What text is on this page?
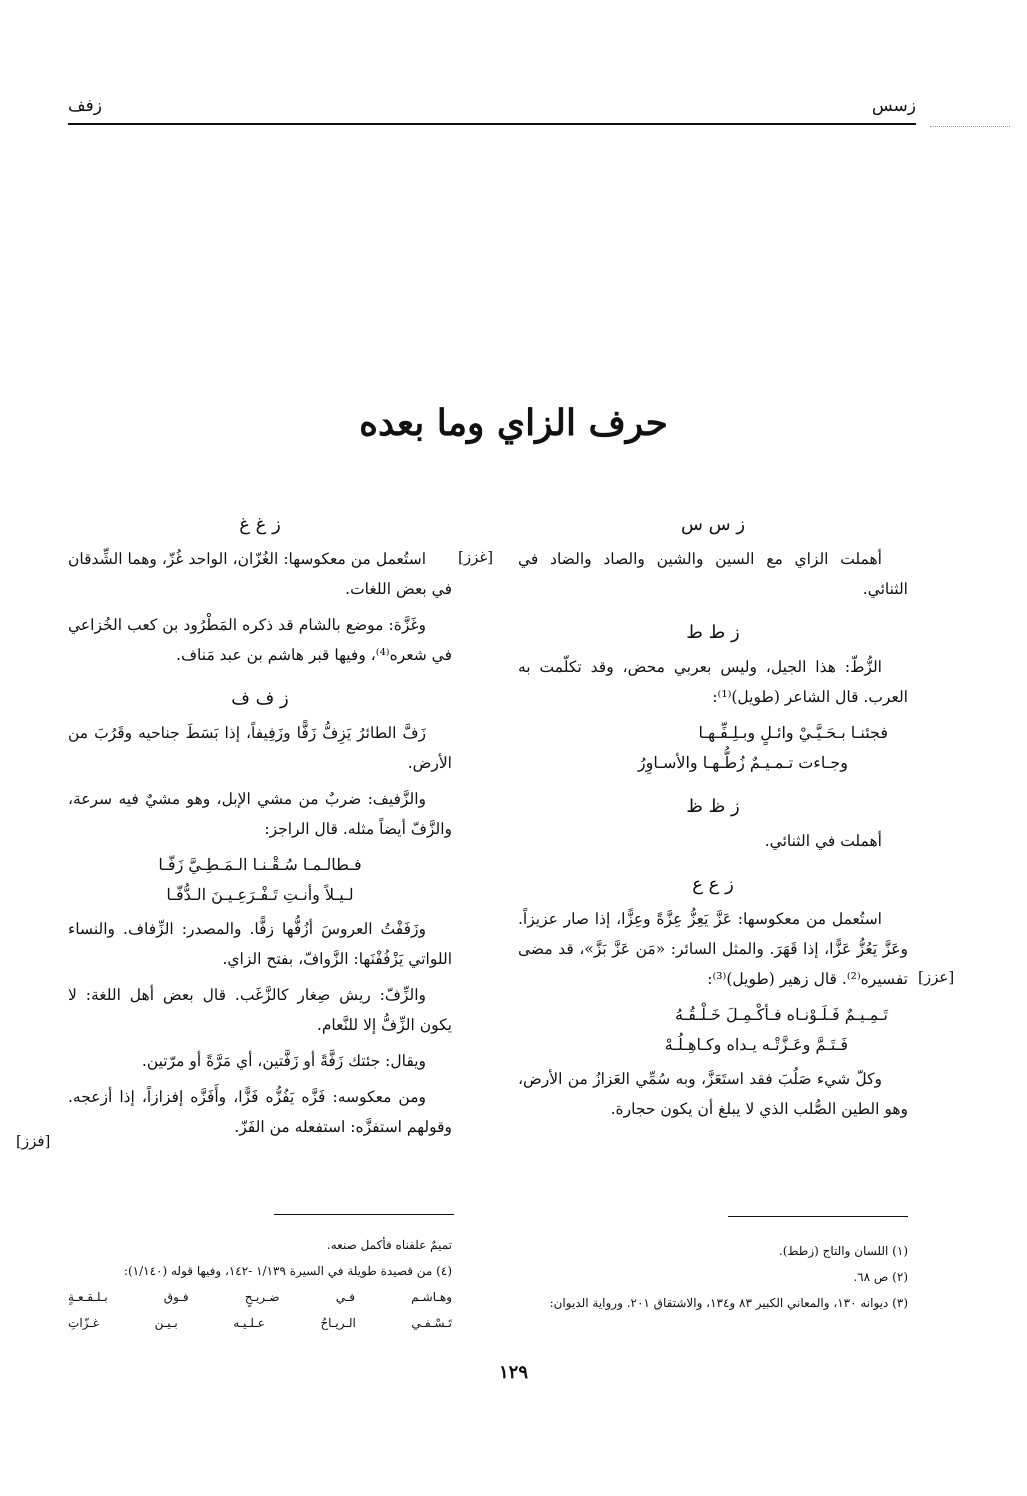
زفف	زسس
حرف الزاي وما بعده
ز س س
أهملت الزاي مع السين والشين والصاد والضاد في الثنائي.
ز ط ط
الزُّطّ: هذا الجيل، وليس بعربي محض، وقد تكلّمت به العرب. قال الشاعر (طويل)⁽¹⁾:
فجئنـا بـحَـيَّـيْ وائـلٍ وبـلِـفِّـهـا
وجـاءت تـمـيـمٌ زُطُّـهـا والأسـاوِرُ
ز ظ ظ
أهملت في الثنائي.
ز ع ع
استُعمل من معكوسها: عَزَّ يَعِزُّ عِزَّةً وعِزًّا، إذا صار عزيزاً. وعَزَّ يَعُزُّ عَزًّا، إذا قَهَرَ. والمثل السائر: «مَن عَزَّ بَزَّ»، قد مضى تفسيره⁽²⁾. قال زهير (طويل)⁽³⁾:
تَـمِـيـمٌ فَـلَـوْنـاه فـأكْـمِـلَ خَـلْـقُـهُ
فَـتَـمَّ وعَـزَّتْـه يـداه وكـاهِـلُـهْ
وكلّ شيء صَلُبَ فقد استَعَزَّ، وبه سُمِّي العَزازُ من الأرض، وهو الطين الصُّلب الذي لا يبلغ أن يكون حجارة.
ز غ غ
استُعمل من معكوسها: الغُزّان، الواحد غُزّ، وهما الشِّدقان في بعض اللغات.
وغَزَّة: موضع بالشام قد ذكره المَطْرُود بن كعب الخُزاعي في شعره⁽⁴⁾، وفيها قبر هاشم بن عبد مَناف.
ز ف ف
زَفَّ الطائرُ يَزِفُّ زَفًّا وزَفِيفاً، إذا بَسَطَ جناحيه وقَرُبَ من الأرض.
والزَّفيف: ضربٌ من مشي الإبل، وهو مشيٌ فيه سرعة، والزَّفّ أيضاً مثله. قال الراجز:
فـطالـمـا سُـقْـنـا الـمَـطِـيَّ زَفّـا
لـيـلاً وأنـتِ تَـفْـرَعِـيـنَ الـدُّفّـا
وزَفَفْتُ العروسَ أزُفُّها زفًّا. والمصدر: الزِّفاف. والنساء اللواتي يَزْفُفْنَها: الزَّوافّ، بفتح الزاي.
والزِّفّ: ريش صِغار كالزَّغَب. قال بعض أهل اللغة: لا يكون الزِّفُّ إلا للنَّعام.
ويقال: جئتك زَفَّةً أو زَفَّتين، أي مَرَّةً أو مرّتين.
ومن معكوسه: فَزَّه يَفُزُّه فَزًّا، وأَفَزَّه إفزازاً، إذا أزعجه. وقولهم استفزَّه: استفعله من الفَزّ.
[غزز]
[عزز]
[فزز]
(١) اللسان والتاج (زطط).
(٢) ص ٦٨.
(٣) ديوانه ١٣٠، والمعاني الكبير ٨٣ و١٣٤، والاشتقاق ٢٠١. ورواية الديوان:
تميمٌ علفناه فأكمل صنعه.
(٤) من قصيدة طويلة في السيرة ١/١٣٩ -١٤٢، وفيها قوله (١/١٤٠):
وهـاشـم
فـي
ضـريـحٍ
فـوق
بـلـقـعـةٍ
تَـسْـفـي
الـريـاحُ
عـلـيـه
بـيـن
غـزّاتِ
١٢٩
